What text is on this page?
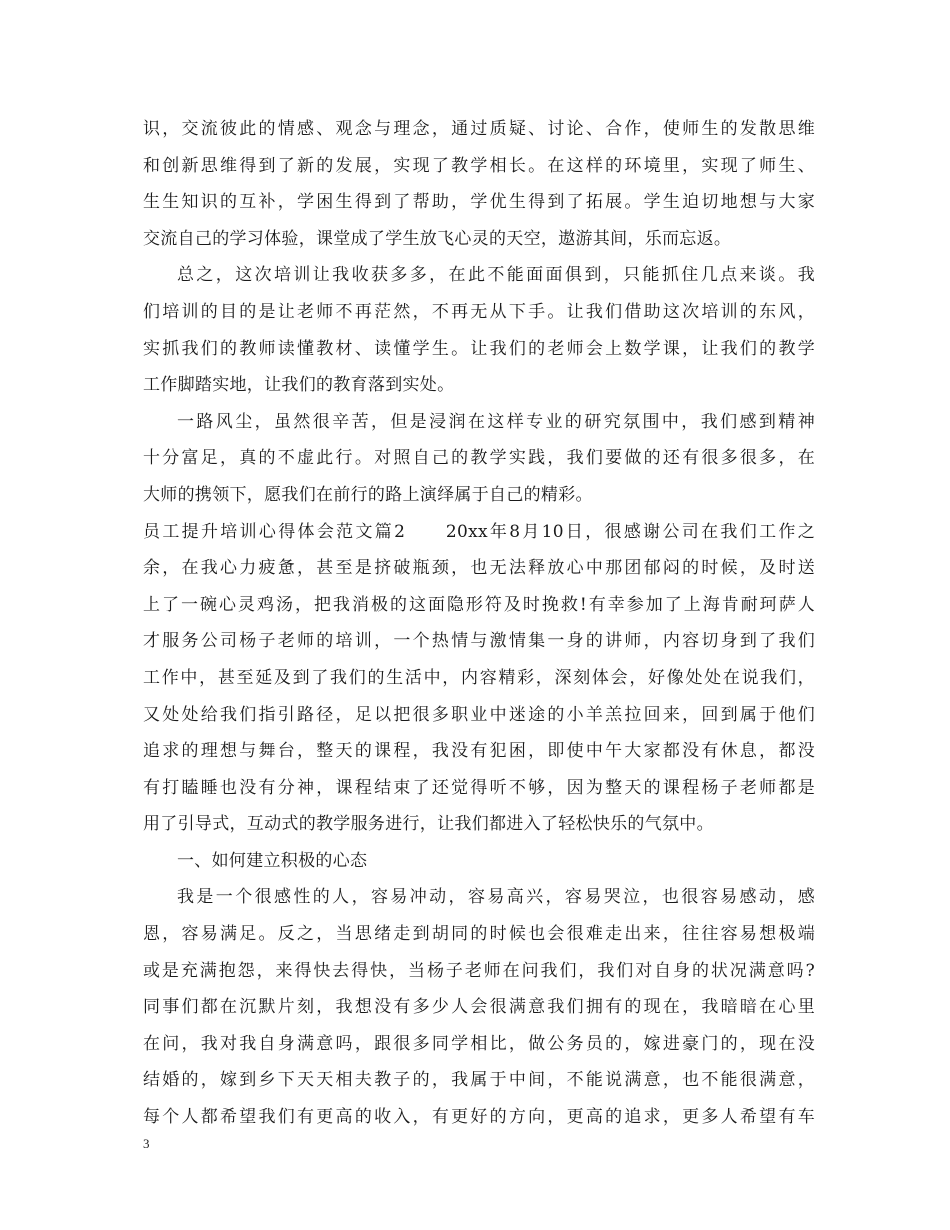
识，交流彼此的情感、观念与理念，通过质疑、讨论、合作，使师生的发散思维
和创新思维得到了新的发展，实现了教学相长。在这样的环境里，实现了师生、
生生知识的互补，学困生得到了帮助，学优生得到了拓展。学生迫切地想与大家
交流自己的学习体验，课堂成了学生放飞心灵的天空，遨游其间，乐而忘返。
总之，这次培训让我收获多多，在此不能面面俱到，只能抓住几点来谈。我
们培训的目的是让老师不再茫然，不再无从下手。让我们借助这次培训的东风，
实抓我们的教师读懂教材、读懂学生。让我们的老师会上数学课，让我们的教学
工作脚踏实地，让我们的教育落到实处。
一路风尘，虽然很辛苦，但是浸润在这样专业的研究氛围中，我们感到精神
十分富足，真的不虚此行。对照自己的教学实践，我们要做的还有很多很多，在
大师的携领下，愿我们在前行的路上演绎属于自己的精彩。
员工提升培训心得体会范文篇2　　20xx年8月10日，很感谢公司在我们工作之
余，在我心力疲惫，甚至是挤破瓶颈，也无法释放心中那团郁闷的时候，及时送
上了一碗心灵鸡汤，把我消极的这面隐形符及时挽救!有幸参加了上海肯耐珂萨人
才服务公司杨子老师的培训，一个热情与激情集一身的讲师，内容切身到了我们
工作中，甚至延及到了我们的生活中，内容精彩，深刻体会，好像处处在说我们，
又处处给我们指引路径，足以把很多职业中迷途的小羊羔拉回来，回到属于他们
追求的理想与舞台，整天的课程，我没有犯困，即使中午大家都没有休息，都没
有打瞌睡也没有分神，课程结束了还觉得听不够，因为整天的课程杨子老师都是
用了引导式，互动式的教学服务进行，让我们都进入了轻松快乐的气氛中。
一、如何建立积极的心态
我是一个很感性的人，容易冲动，容易高兴，容易哭泣，也很容易感动，感
恩，容易满足。反之，当思绪走到胡同的时候也会很难走出来，往往容易想极端
或是充满抱怨，来得快去得快，当杨子老师在问我们，我们对自身的状况满意吗?
同事们都在沉默片刻，我想没有多少人会很满意我们拥有的现在，我暗暗在心里
在问，我对我自身满意吗，跟很多同学相比，做公务员的，嫁进豪门的，现在没
结婚的，嫁到乡下天天相夫教子的，我属于中间，不能说满意，也不能很满意，
每个人都希望我们有更高的收入，有更好的方向，更高的追求，更多人希望有车
3
